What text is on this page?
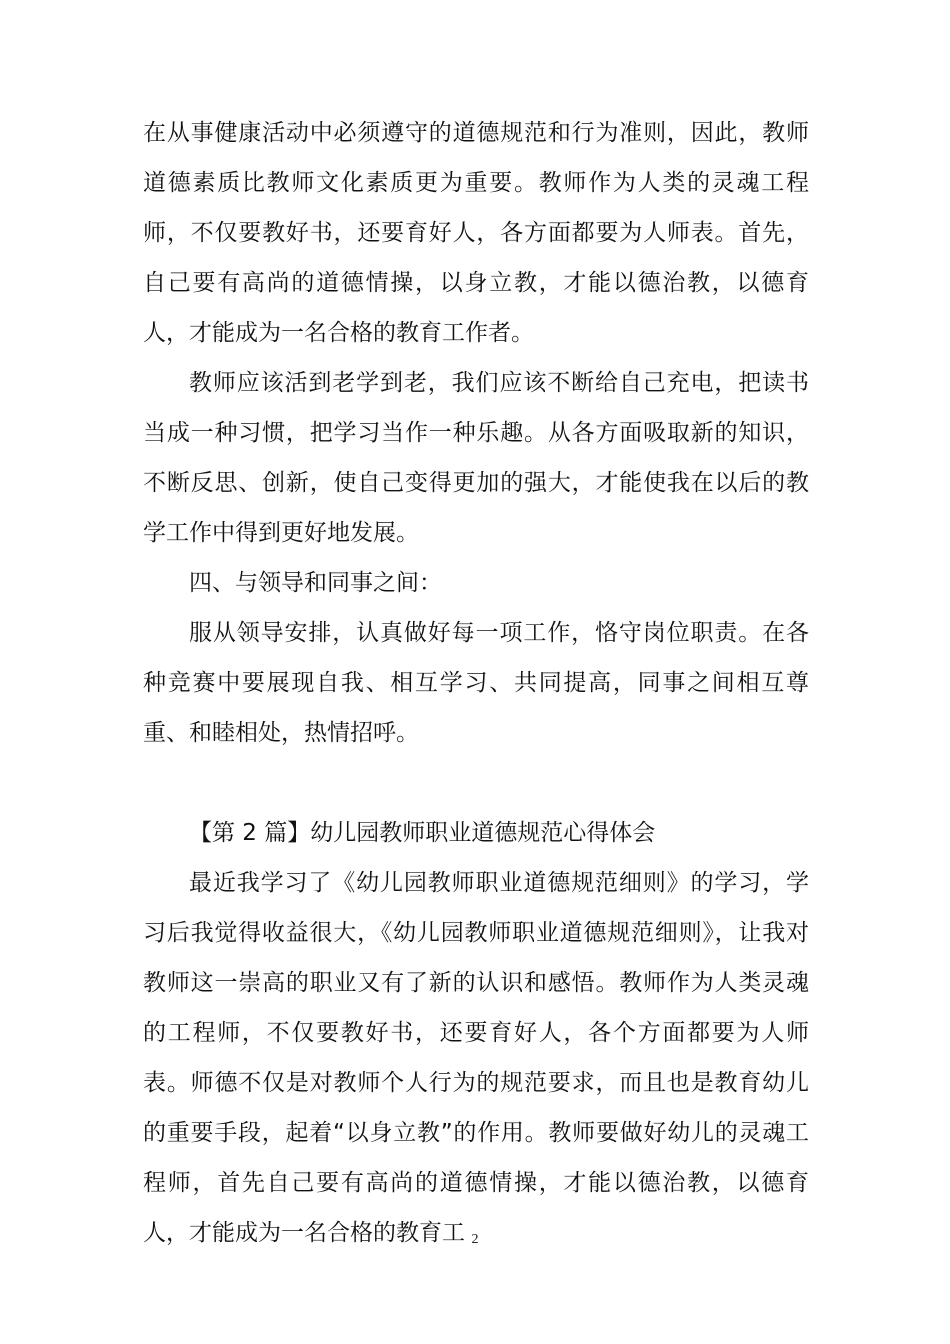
在从事健康活动中必须遵守的道德规范和行为准则，因此，教师道德素质比教师文化素质更为重要。教师作为人类的灵魂工程师，不仅要教好书，还要育好人，各方面都要为人师表。首先，自己要有高尚的道德情操，以身立教，才能以德治教，以德育人，才能成为一名合格的教育工作者。

教师应该活到老学到老，我们应该不断给自己充电，把读书当成一种习惯，把学习当作一种乐趣。从各方面吸取新的知识，不断反思、创新，使自己变得更加的强大，才能使我在以后的教学工作中得到更好地发展。

四、与领导和同事之间：

服从领导安排，认真做好每一项工作，恪守岗位职责。在各种竞赛中要展现自我、相互学习、共同提高，同事之间相互尊重、和睦相处，热情招呼。

【第 2 篇】幼儿园教师职业道德规范心得体会

最近我学习了《幼儿园教师职业道德规范细则》的学习，学习后我觉得收益很大，《幼儿园教师职业道德规范细则》，让我对教师这一崇高的职业又有了新的认识和感悟。教师作为人类灵魂的工程师，不仅要教好书，还要育好人，各个方面都要为人师表。师德不仅是对教师个人行为的规范要求，而且也是教育幼儿的重要手段，起着“以身立教”的作用。教师要做好幼儿的灵魂工程师，首先自己要有高尚的道德情操，才能以德治教，以德育人，才能成为一名合格的教育工 2
